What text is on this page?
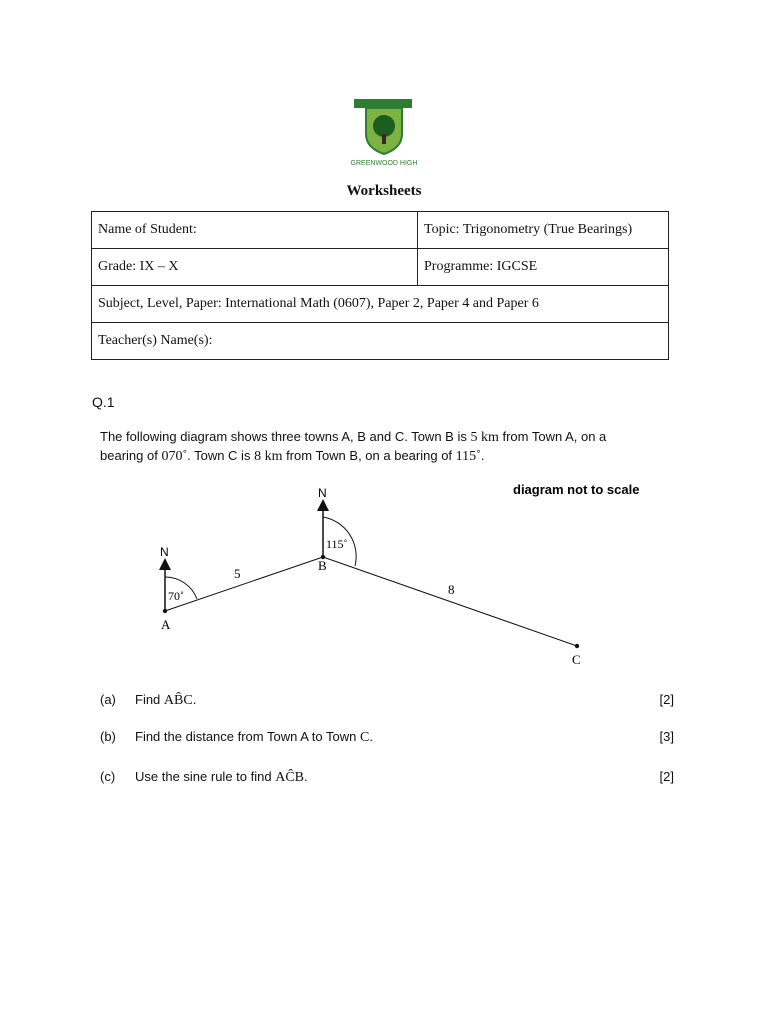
GREENWOOD HIGH
Worksheets
Name of Student:	Topic: Trigonometry (True Bearings)
Grade: IX – X	Programme: IGCSE
Subject, Level, Paper: International Math (0607), Paper 2, Paper 4 and Paper 6	
Teacher(s) Name(s):	
Q.1
The following diagram shows three towns A, B and C. Town B is 5 km from Town A, on a
bearing of 070˚. Town C is 8 km from Town B, on a bearing of 115˚.
diagram not to scale
N
70˚
N
115˚
5
8
A
B
C
(a) Find AB̂C.	[2]
(b) Find the distance from Town A to Town C.	[3]
(c) Use the sine rule to find AĈB.	[2]
